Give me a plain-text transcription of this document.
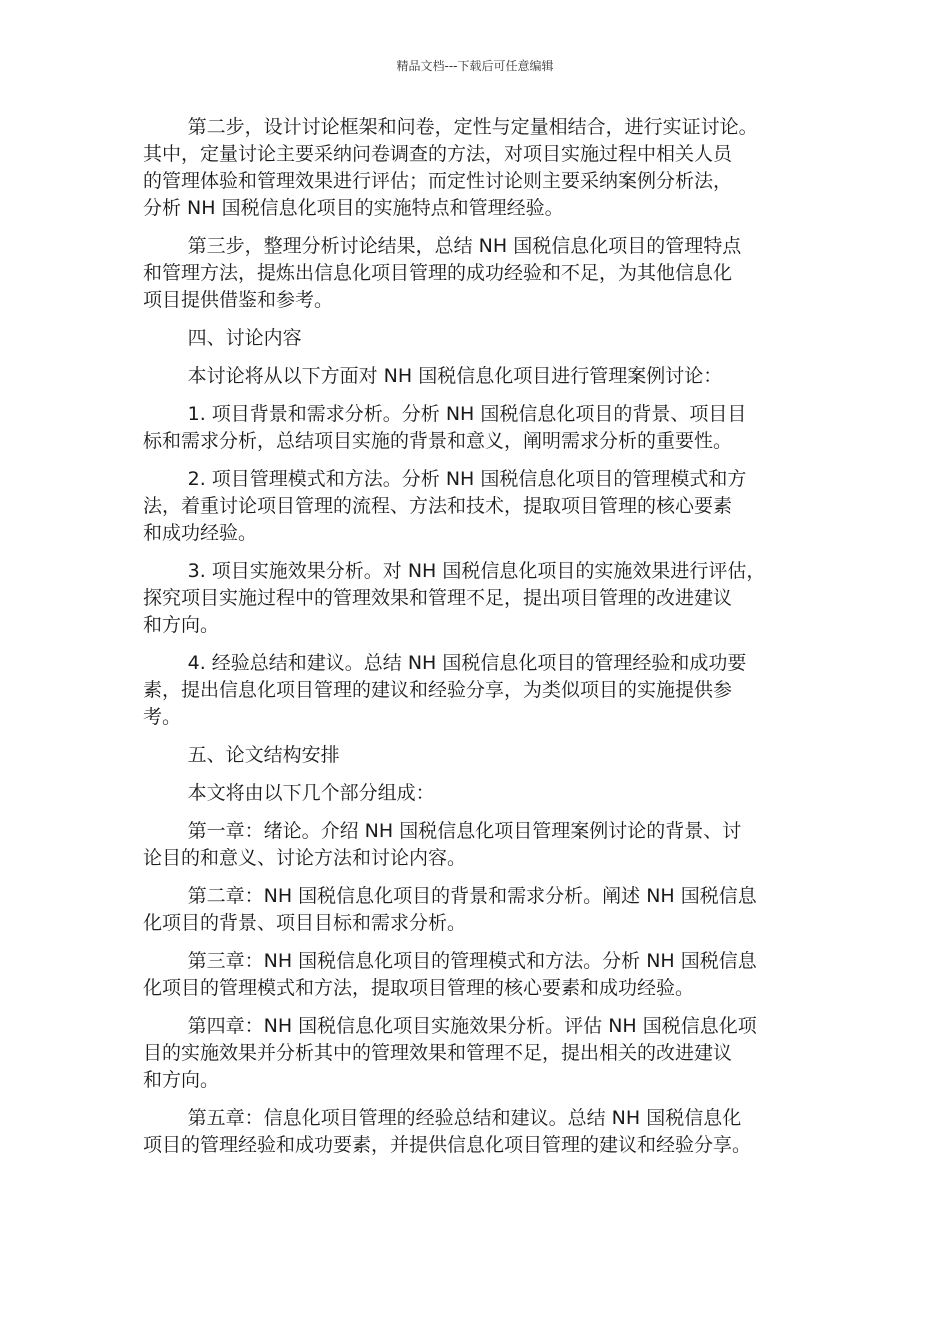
精品文档---下载后可任意编辑

第二步，设计讨论框架和问卷，定性与定量相结合，进行实证讨论。
其中，定量讨论主要采纳问卷调查的方法，对项目实施过程中相关人员
的管理体验和管理效果进行评估；而定性讨论则主要采纳案例分析法，
分析 NH 国税信息化项目的实施特点和管理经验。

第三步，整理分析讨论结果，总结 NH 国税信息化项目的管理特点
和管理方法，提炼出信息化项目管理的成功经验和不足，为其他信息化
项目提供借鉴和参考。

四、讨论内容

本讨论将从以下方面对 NH 国税信息化项目进行管理案例讨论：

1. 项目背景和需求分析。分析 NH 国税信息化项目的背景、项目目
标和需求分析，总结项目实施的背景和意义，阐明需求分析的重要性。

2. 项目管理模式和方法。分析 NH 国税信息化项目的管理模式和方
法，着重讨论项目管理的流程、方法和技术，提取项目管理的核心要素
和成功经验。

3. 项目实施效果分析。对 NH 国税信息化项目的实施效果进行评估，
探究项目实施过程中的管理效果和管理不足，提出项目管理的改进建议
和方向。

4. 经验总结和建议。总结 NH 国税信息化项目的管理经验和成功要
素，提出信息化项目管理的建议和经验分享，为类似项目的实施提供参
考。

五、论文结构安排

本文将由以下几个部分组成：

第一章：绪论。介绍 NH 国税信息化项目管理案例讨论的背景、讨
论目的和意义、讨论方法和讨论内容。

第二章：NH 国税信息化项目的背景和需求分析。阐述 NH 国税信息
化项目的背景、项目目标和需求分析。

第三章：NH 国税信息化项目的管理模式和方法。分析 NH 国税信息
化项目的管理模式和方法，提取项目管理的核心要素和成功经验。

第四章：NH 国税信息化项目实施效果分析。评估 NH 国税信息化项
目的实施效果并分析其中的管理效果和管理不足，提出相关的改进建议
和方向。

第五章：信息化项目管理的经验总结和建议。总结 NH 国税信息化
项目的管理经验和成功要素，并提供信息化项目管理的建议和经验分享。
